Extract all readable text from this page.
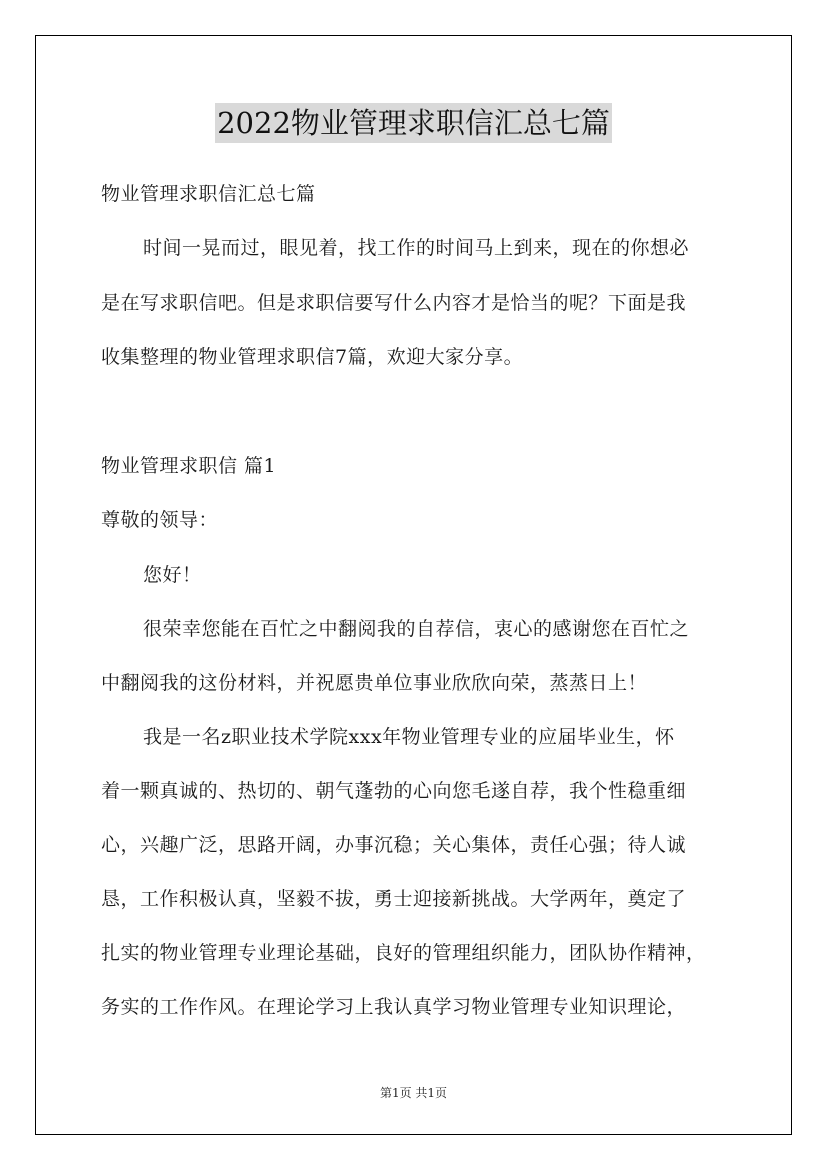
2022物业管理求职信汇总七篇
物业管理求职信汇总七篇
时间一晃而过，眼见着，找工作的时间马上到来，现在的你想必
是在写求职信吧。但是求职信要写什么内容才是恰当的呢？下面是我
收集整理的物业管理求职信7篇，欢迎大家分享。
物业管理求职信 篇1
尊敬的领导：
您好！
很荣幸您能在百忙之中翻阅我的自荐信，衷心的感谢您在百忙之
中翻阅我的这份材料，并祝愿贵单位事业欣欣向荣，蒸蒸日上！
我是一名z职业技术学院xxx年物业管理专业的应届毕业生，怀
着一颗真诚的、热切的、朝气蓬勃的心向您毛遂自荐，我个性稳重细
心，兴趣广泛，思路开阔，办事沉稳；关心集体，责任心强；待人诚
恳，工作积极认真，坚毅不拔，勇士迎接新挑战。大学两年，奠定了
扎实的物业管理专业理论基础，良好的管理组织能力，团队协作精神，
务实的工作作风。在理论学习上我认真学习物业管理专业知识理论，
第1页 共1页
